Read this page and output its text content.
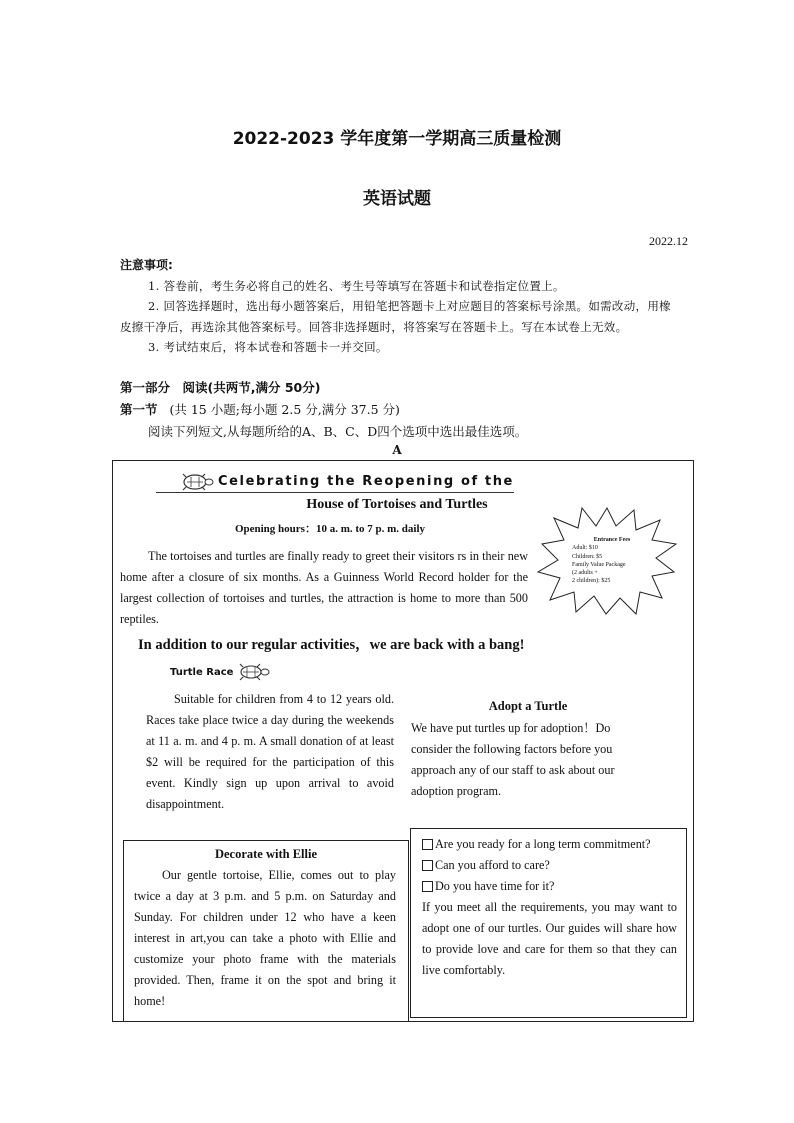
2022-2023 学年度第一学期高三质量检测
英语试题
2022.12
注意事项:

1. 答卷前，考生务必将自己的姓名、考生号等填写在答题卡和试卷指定位置上。

2. 回答选择题时，选出每小题答案后，用铅笔把答题卡上对应题目的答案标号涂黑。如需改动，用橡皮擦干净后，再选涂其他答案标号。回答非选择题时，将答案写在答题卡上。写在本试卷上无效。

3. 考试结束后，将本试卷和答题卡一并交回。

第一部分　阅读(共两节,满分 50分)
第一节 (共 15 小题;每小题 2.5 分,满分 37.5 分)
阅读下列短文,从每题所给的A、B、C、D四个选项中选出最佳选项。
A
Celebrating the Reopening of the
House of Tortoises and Turtles
Opening hours：10 a. m. to 7 p. m. daily

The tortoises and turtles are finally ready to greet their visitors rs in their new home after a closure of six months. As a Guinness World Record holder for the largest collection of tortoises and turtles, the attraction is home to more than 500 reptiles.

Entrance Fees
Adult: $10
Children: $5
Family Value Package
(2 adults +
2 children): $25
In addition to our regular activities，we are back with a bang!
Turtle Race

Suitable for children from 4 to 12 years old. Races take place twice a day during the weekends at 11 a. m. and 4 p. m. A small donation of at least $2 will be required for the participation of this event. Kindly sign up upon arrival to avoid disappointment.

Adopt a Turtle

We have put turtles up for adoption！Do consider the following factors before you approach any of our staff to ask about our adoption program.

Decorate with Ellie

Our gentle tortoise, Ellie, comes out to play twice a day at 3 p.m. and 5 p.m. on Saturday and Sunday. For children under 12 who have a keen interest in art,you can take a photo with Ellie and customize your photo frame with the materials provided. Then, frame it on the spot and bring it home!

Are you ready for a long term commitment?
Can you afford to care?
Do you have time for it?
If you meet all the requirements, you may want to adopt one of our turtles. Our guides will share how to provide love and care for them so that they can live comfortably.
